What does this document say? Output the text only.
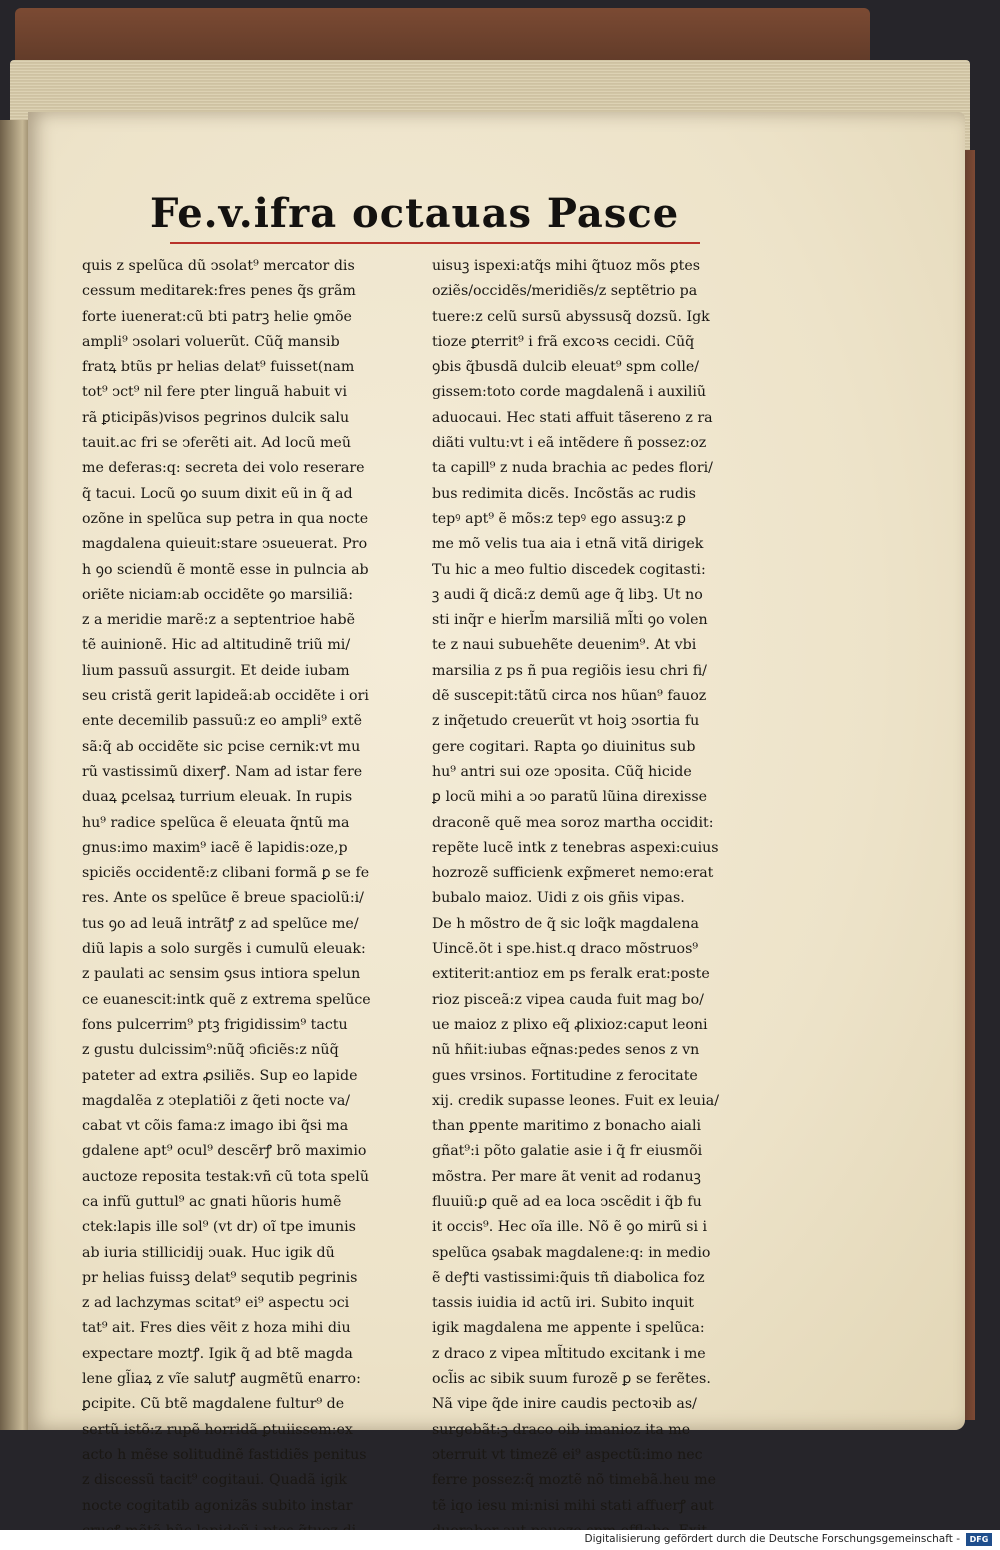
Fe.v.ifra octauas Pasce
quis z spelũca dũ ↄsolat⁹ mercator dis
cessum meditarek:fres penes q̃s grãm
forte iuenerat:cũ bti patrꝫ helie ꝯmõe
ampli⁹ ↄsolari voluerũt. Cũq̃ mansib
fratꝝ btũs pr helias delat⁹ fuisset(nam
tot⁹ ↄct⁹ nil fere pter linguã habuit vi
rã ꝑticipãs)visos pegrinos dulcik salu
tauit.ac fri se ↄferẽti ait. Ad locũ meũ
me deferas:q: secreta dei volo reserare
q̃ tacui. Locũ ꝯo suum dixit eũ in q̃ ad
ozõne in spelũca sup petra in qua nocte
magdalena quieuit:stare ↄsueuerat. Pro
h ꝯo sciendũ ẽ montẽ esse in pulncia ab
oriẽte niciam:ab occidẽte ꝯo marsiliã:
z a meridie marẽ:z a septentrioe habẽ
tẽ auinionẽ. Hic ad altitudinẽ triũ mi/
lium passuũ assurgit. Et deide iubam
seu cristã gerit lapideã:ab occidẽte i ori
ente decemilib passuũ:z eo ampli⁹ extẽ
sã:q̃ ab occidẽte sic pcise cernik:vt mu
rũ vastissimũ dixerꝭ. Nam ad istar fere
duaꝝ ꝑcelsaꝝ turrium eleuak. In rupis
hu⁹ radice spelũca ẽ eleuata q̃ntũ ma
gnus:imo maxim⁹ iacẽ ẽ lapidis:oze,p
spiciẽs occidentẽ:z clibani formã ꝑ se fe
res. Ante os spelũce ẽ breue spaciolũ:i/
tus ꝯo ad leuã intrãtꝭ z ad spelũce me/
diũ lapis a solo surgẽs i cumulũ eleuak:
z paulati ac sensim ꝯsus intiora spelun
ce euanescit:intk quẽ z extrema spelũce
fons pulcerrim⁹ ptꝫ frigidissim⁹ tactu
z gustu dulcissim⁹:nũq̃ ↄficiẽs:z nũq̃
pateter ad extra ꝓsiliẽs. Sup eo lapide
magdalẽa z ↄteplatiõi z q̃eti nocte va/
cabat vt cõis fama:z imago ibi q̃si ma
gdalene apt⁹ ocul⁹ descẽrꝭ brõ maximio
auctoze reposita testak:vñ cũ tota spelũ
ca infũ guttul⁹ ac gnati hũoris humẽ
ctek:lapis ille sol⁹ (vt dr) oĩ tpe imunis
ab iuria stillicidij ↄuak. Huc igik dũ
pr helias fuissꝫ delat⁹ sequtib pegrinis
z ad lachzymas scitat⁹ ei⁹ aspectu ↄci
tat⁹ ait. Fres dies vẽit z hoza mihi diu
expectare moztꝭ. Igik q̃ ad btẽ magda
lene gl̃iaꝝ z vĩe salutꝭ augmẽtũ enarro:
ꝑcipite. Cũ btẽ magdalene fultur⁹ de
sertũ istõ:z rupẽ horridã ꝑtuiissem:ex
acto h mẽse solitudinẽ fastidiẽs penitus
z discessũ tacit⁹ cogitaui. Quadã igik
nocte cogitatib agonizãs subito instar
uisuꝫ ispexi:atq̃s mihi q̃tuoz mõs ꝑtes
oziẽs/occidẽs/meridiẽs/z septẽtrio pa
tuere:z celũ sursũ abyssusq̃ dozsũ. Igk
tioze ꝑterrit⁹ i frã excoꝛs cecidi. Cũq̃
ꝯbis q̃busdã dulcib eleuat⁹ spm colle/
gissem:toto corde magdalenã i auxiliũ
aduocaui. Hec stati affuit tãsereno z ra
diãti vultu:vt i eã intẽdere ñ possez:oz
ta capill⁹ z nuda brachia ac pedes flori/
bus redimita dicẽs. Incõstãs ac rudis
tepꝰ apt⁹ ẽ mõs:z tepꝰ ego assuꝫ:z ꝑ
me mõ velis tua aia i etnã vitã dirigek
Tu hic a meo fultio discedek cogitasti:
ꝫ audi q̃ dicã:z demũ age q̃ libꝫ. Ut no
sti inq̃r e hierl̃m marsiliã ml̃ti ꝯo volen
te z naui subuehẽte deuenim⁹. At vbi
marsilia z ps ñ pua regiõis iesu chri fi/
dẽ suscepit:tãtũ circa nos hũan⁹ fauoz
z inq̃etudo creuerũt vt hoiꝫ ↄsortia fu
gere cogitari. Rapta ꝯo diuinitus sub
hu⁹ antri sui oze ↄposita. Cũq̃ hicide
ꝑ locũ mihi a ↄo paratũ lũina direxisse
draconẽ quẽ mea soroz martha occidit:
repẽte lucẽ intk z tenebras aspexi:cuius
hozrozẽ sufficienk exp̃meret nemo:erat
bubalo maioz. Uidi z ois gñis vipas.
De h mõstro de q̃ sic loq̃k magdalena
Uincẽ.õt i spe.hist.q draco mõstruos⁹
extiterit:antioz em ps feralk erat:poste
rioz pisceã:z vipea cauda fuit mag bo/
ue maioz z plixo eq̃ ꝓlixioz:caput leoni
nũ hñit:iubas eq̃nas:pedes senos z vn
gues vrsinos. Fortitudine z ferocitate
xij. credik supasse leones. Fuit ex leuia/
than ꝑpente maritimo z bonacho aiali
gñat⁹:i põto galatie asie i q̃ fr eiusmõi
mõstra. Per mare ãt venit ad rodanuꝫ
fluuiũ:ꝑ quẽ ad ea loca ↄscẽdit i q̃b fu
it occis⁹. Hec oĩa ille. Nõ ẽ ꝯo mirũ si i
spelũca ꝯsabak magdalene:q: in medio
ẽ deꝭti vastissimi:q̃uis tñ diabolica foz
tassis iuidia id actũ iri. Subito inquit
igik magdalena me appente i spelũca:
z draco z vipea ml̃titudo excitank i me
ocl̃is ac sibik suum furozẽ ꝑ se ferẽtes.
Nã vipe q̃de inire caudis pectoꝛib as/
surgebãt:ꝫ draco oib imanioz ita me
ↄterruit vt timezẽ ei⁹ aspectũ:imo nec
ferre possez:q̃ moztẽ nõ timebã.heu me
tẽ iqo iesu mi:nisi mihi stati affuerꝭ aut
Digitalisierung gefördert durch die Deutsche Forschungsgemeinschaft -	DFG
